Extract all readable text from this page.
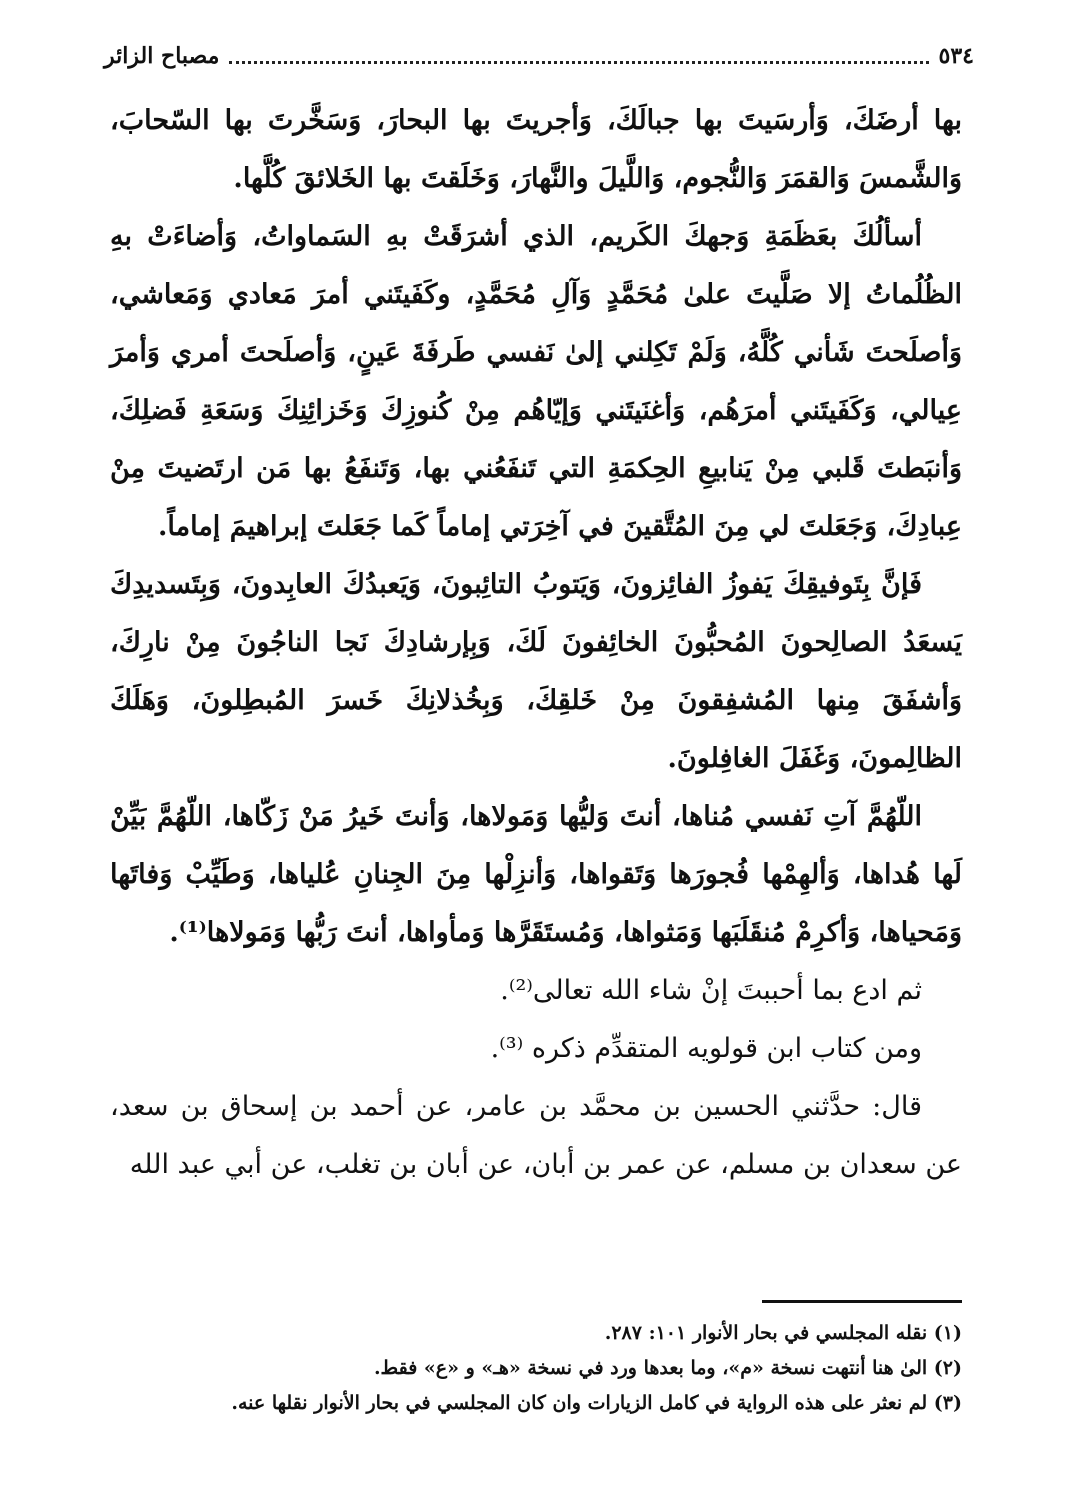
٥٣٤
مصباح الزائر

بها أرضَكَ، وَأرسَيتَ بها جبالَكَ، وَأجريتَ بها البحارَ، وَسَخَّرتَ بها السّحابَ، وَالشَّمسَ وَالقمَرَ وَالنُّجوم، وَاللَّيلَ والنَّهارَ، وَخَلَقتَ بها الخَلائقَ كُلَّها.

أسألُكَ بعَظَمَةِ وَجهكَ الكَريم، الذي أشرَقَتْ بهِ السَماواتُ، وَأضاءَتْ بهِ الظُلُماتُ إلا صَلَّيتَ علىٰ مُحَمَّدٍ وَآلِ مُحَمَّدٍ، وكَفَيتَني أمرَ مَعادي وَمَعاشي، وَأصلَحتَ شَأني كُلَّهُ، وَلَمْ تَكِلني إلىٰ نَفسي طَرفَةَ عَينٍ، وَأصلَحتَ أمري وَأمرَ عِيالي، وَكَفَيتَني أمرَهُم، وَأغنَيتَني وَإيّاهُم مِنْ كُنوزِكَ وَخَزائِنِكَ وَسَعَةِ فَضلِكَ، وَأنبَطتَ قَلبي مِنْ يَنابيعِ الحِكمَةِ التي تَنفَعُني بها، وَتَنفَعُ بها مَن ارتَضيتَ مِنْ عِبادِكَ، وَجَعَلتَ لي مِنَ المُتَّقينَ في آخِرَتي إماماً كَما جَعَلتَ إبراهيمَ إماماً.

فَإنَّ بِتَوفيقِكَ يَفوزُ الفائِزونَ، وَيَتوبُ التائِبونَ، وَيَعبدُكَ العابِدونَ، وَبِتَسديدِكَ يَسعَدُ الصالِحونَ المُحبُّونَ الخائِفونَ لَكَ، وَبِإرشادِكَ نَجا الناجُونَ مِنْ نارِكَ، وَأشفَقَ مِنها المُشفِقونَ مِنْ خَلقِكَ، وَبِخُذلانِكَ خَسرَ المُبطِلونَ، وَهَلَكَ الظالِمونَ، وَغَفَلَ الغافِلونَ.

اللّهُمَّ آتِ نَفسي مُناها، أنتَ وَليُّها وَمَولاها، وَأنتَ خَيرُ مَنْ زَكّاها، اللّهُمَّ بَيِّنْ لَها هُداها، وَألهِمْها فُجورَها وَتَقواها، وَأنزِلْها مِنَ الجِنانِ عُلياها، وَطَيِّبْ وَفاتَها وَمَحياها، وَأكرِمْ مُنقَلَبَها وَمَثواها، وَمُستَقَرَّها وَمأواها، أنتَ رَبُّها وَمَولاها⁽¹⁾.

ثم ادع بما أحببتَ إنْ شاء الله تعالى⁽²⁾.

ومن كتاب ابن قولويه المتقدِّم ذكره ⁽³⁾.

قال: حدَّثني الحسين بن محمَّد بن عامر، عن أحمد بن إسحاق بن سعد، عن سعدان بن مسلم، عن عمر بن أبان، عن أبان بن تغلب، عن أبي عبد الله

(١) نقله المجلسي في بحار الأنوار ١٠١: ٢٨٧.

(٢) الىٰ هنا أنتهت نسخة «م»، وما بعدها ورد في نسخة «هـ» و «ع» فقط.

(٣) لم نعثر على هذه الرواية في كامل الزيارات وان كان المجلسي في بحار الأنوار نقلها عنه.
